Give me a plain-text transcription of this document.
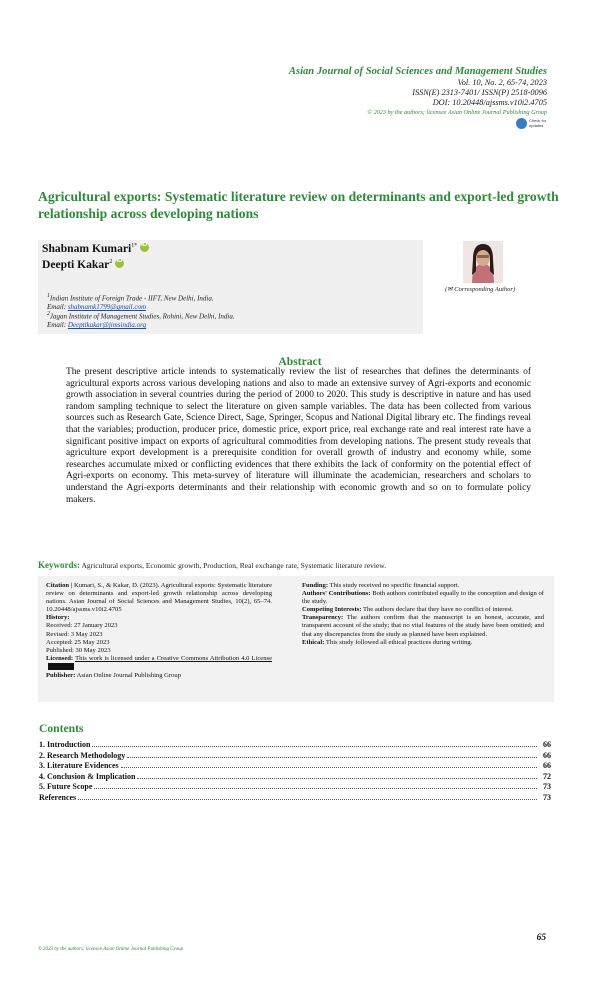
Asian Journal of Social Sciences and Management Studies
Vol. 10, No. 2, 65-74, 2023
ISSN(E) 2313-7401/ ISSN(P) 2518-0096
DOI: 10.20448/ajssms.v10i2.4705
© 2023 by the authors; licensee Asian Online Journal Publishing Group
Check for updates
Agricultural exports: Systematic literature review on determinants and export-led growth relationship across developing nations
Shabnam Kumari$^{1*}$iD
Deepti Kakar$^2$iD
$^1$Indian Institute of Foreign Trade - IIFT, New Delhi, India.
Email: shabnamk1799@gmail.com
$^2$Jagan Institute of Management Studies, Rohini, New Delhi, India.
Email: Deeptikakar@jimsindia.org
(✉ Corresponding Author)
Abstract
The present descriptive article intends to systematically review the list of researches that defines the determinants of agricultural exports across various developing nations and also to made an extensive survey of Agri-exports and economic growth association in several countries during the period of 2000 to 2020. This study is descriptive in nature and has used random sampling technique to select the literature on given sample variables. The data has been collected from various sources such as Research Gate, Science Direct, Sage, Springer, Scopus and National Digital library etc. The findings reveal that the variables; production, producer price, domestic price, export price, real exchange rate and real interest rate have a significant positive impact on exports of agricultural commodities from developing nations. The present study reveals that agriculture export development is a prerequisite condition for overall growth of industry and economy while, some researches accumulate mixed or conflicting evidences that there exhibits the lack of conformity on the potential effect of Agri-exports on economy. This meta-survey of literature will illuminate the academician, researchers and scholars to understand the Agri-exports determinants and their relationship with economic growth and so on to formulate policy makers.
Keywords: Agricultural exports, Economic growth, Production, Real exchange rate, Systematic literature review.
Citation | Kumari, S., & Kakar, D. (2023). Agricultural exports: Systematic literature review on determinants and export-led growth relationship across developing nations. Asian Journal of Social Sciences and Management Studies, 10(2), 65–74. 10.20448/ajssms.v10i2.4705
History:
Received: 27 January 2023
Revised: 3 May 2023
Accepted: 25 May 2023
Published: 30 May 2023
Licensed: This work is licensed under a Creative Commons Attribution 4.0 License
Publisher: Asian Online Journal Publishing Group
Funding: This study received no specific financial support.
Authors' Contributions: Both authors contributed equally to the conception and design of the study.
Competing Interests: The authors declare that they have no conflict of interest.
Transparency: The authors confirm that the manuscript is an honest, accurate, and transparent account of the study; that no vital features of the study have been omitted; and that any discrepancies from the study as planned have been explained.
Ethical: This study followed all ethical practices during writing.
Contents
1. Introduction	66
2. Research Methodology	66
3. Literature Evidences	66
4. Conclusion & Implication	72
5. Future Scope	73
References	73
65
© 2023 by the authors; licensee Asian Online Journal Publishing Group
